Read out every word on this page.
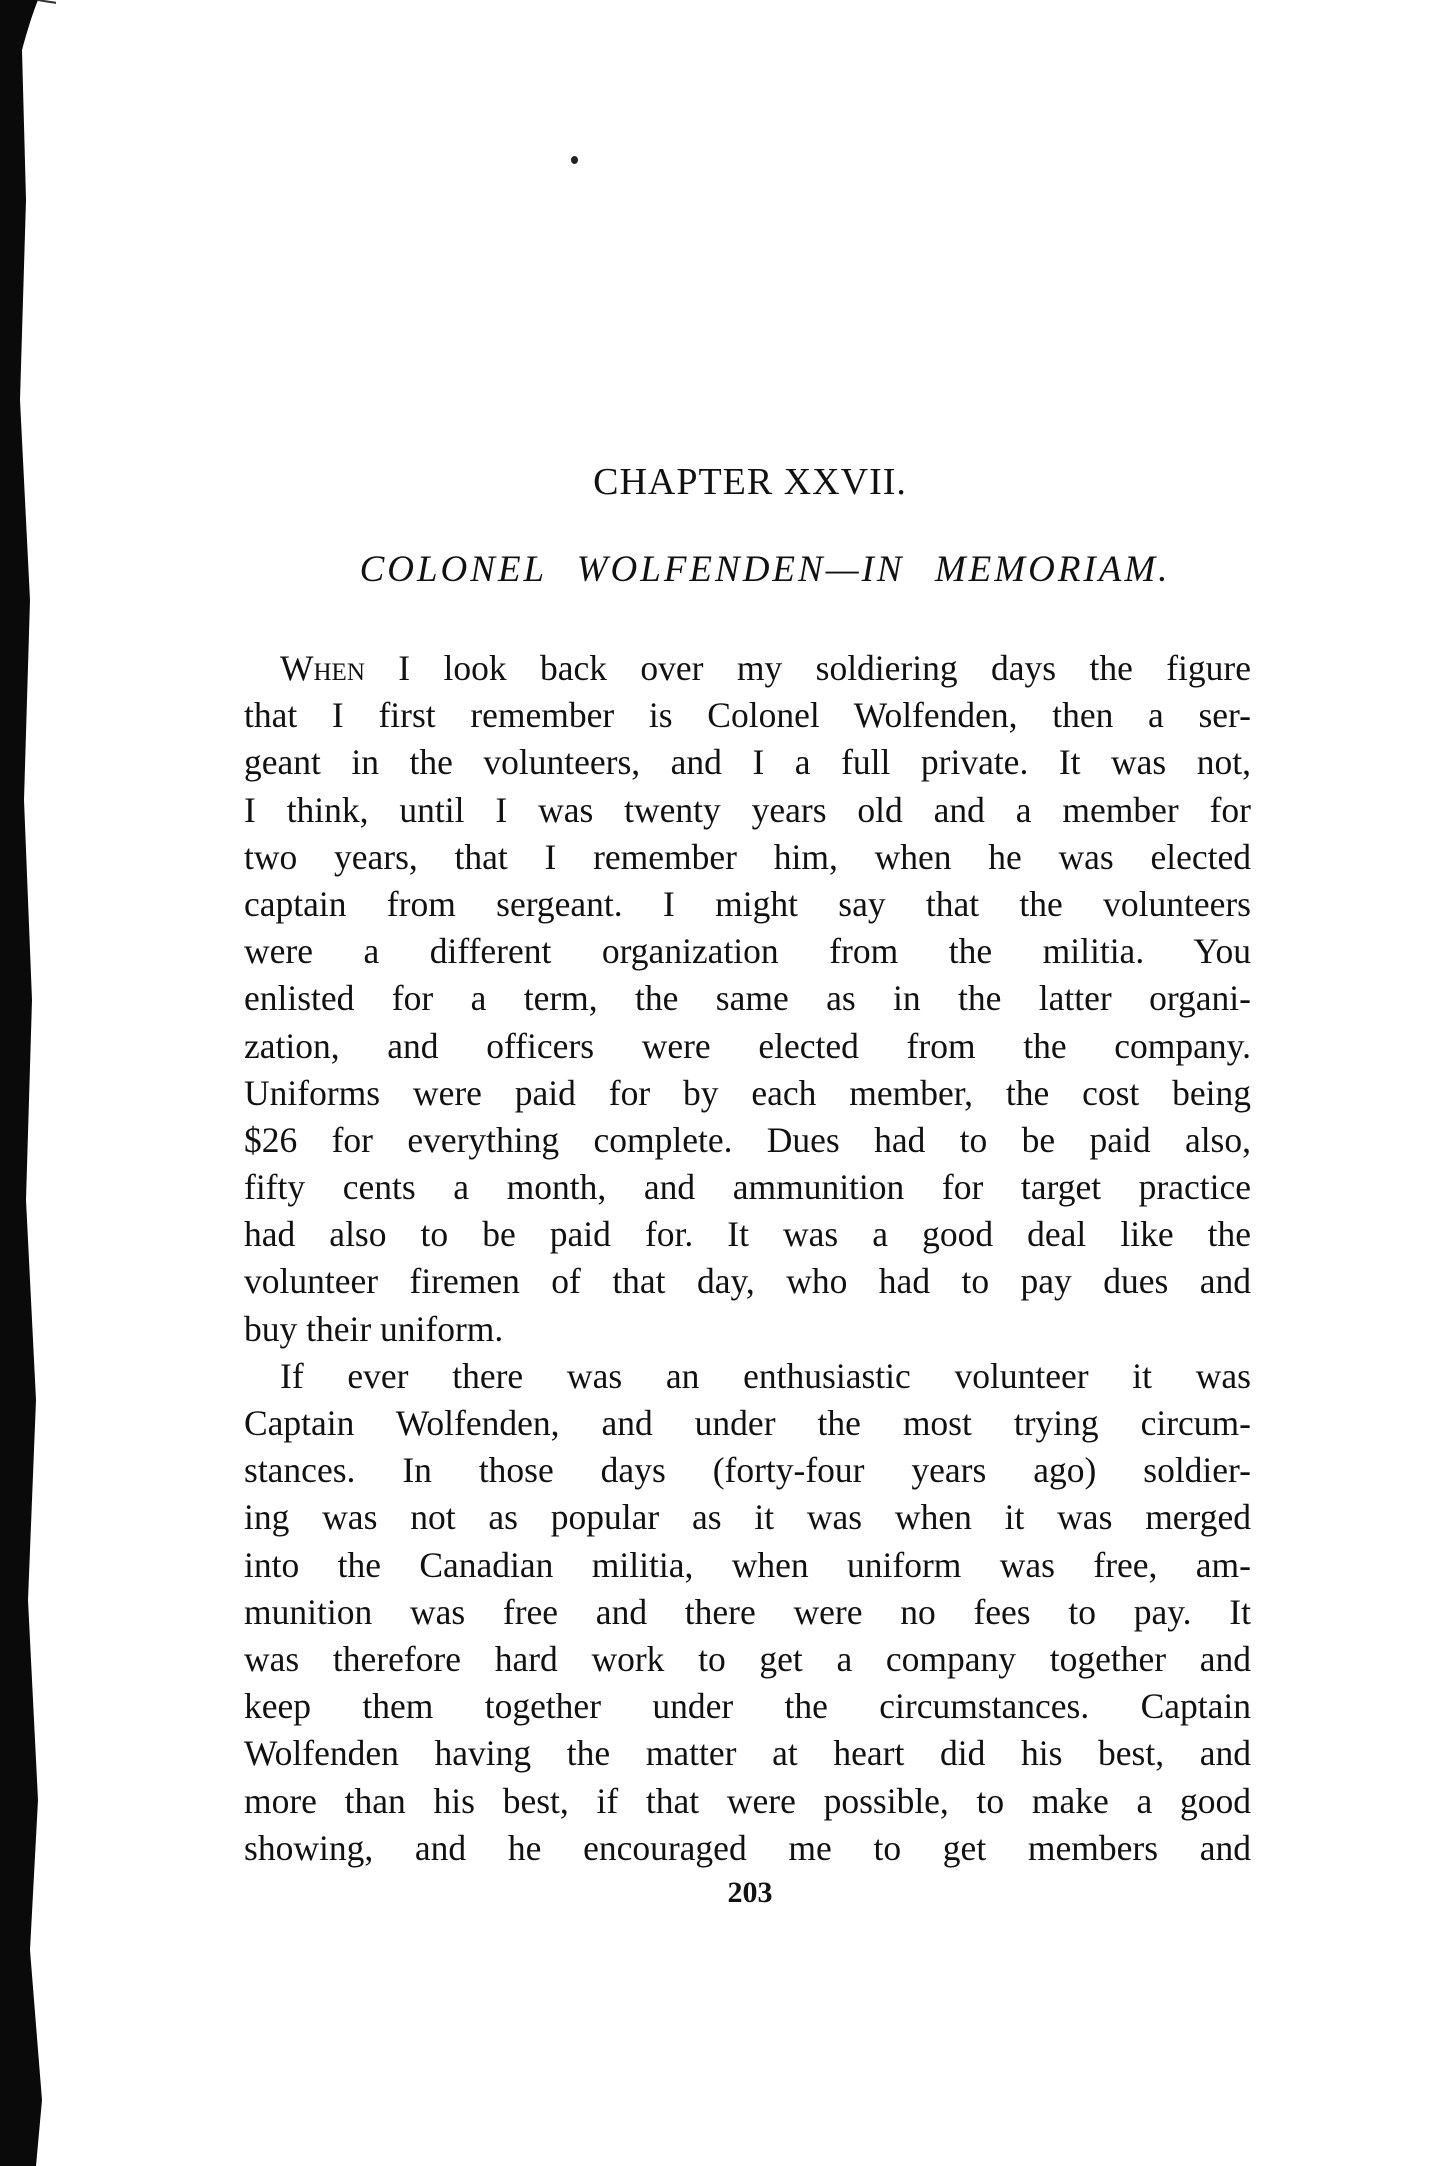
CHAPTER XXVII.
COLONEL WOLFENDEN—IN MEMORIAM.
When I look back over my soldiering days the figure
that I first remember is Colonel Wolfenden, then a ser-
geant in the volunteers, and I a full private. It was not,
I think, until I was twenty years old and a member for
two years, that I remember him, when he was elected
captain from sergeant. I might say that the volunteers
were a different organization from the militia. You
enlisted for a term, the same as in the latter organi-
zation, and officers were elected from the company.
Uniforms were paid for by each member, the cost being
$26 for everything complete. Dues had to be paid also,
fifty cents a month, and ammunition for target practice
had also to be paid for. It was a good deal like the
volunteer firemen of that day, who had to pay dues and
buy their uniform.
If ever there was an enthusiastic volunteer it was
Captain Wolfenden, and under the most trying circum-
stances. In those days (forty-four years ago) soldier-
ing was not as popular as it was when it was merged
into the Canadian militia, when uniform was free, am-
munition was free and there were no fees to pay. It
was therefore hard work to get a company together and
keep them together under the circumstances. Captain
Wolfenden having the matter at heart did his best, and
more than his best, if that were possible, to make a good
showing, and he encouraged me to get members and
203
